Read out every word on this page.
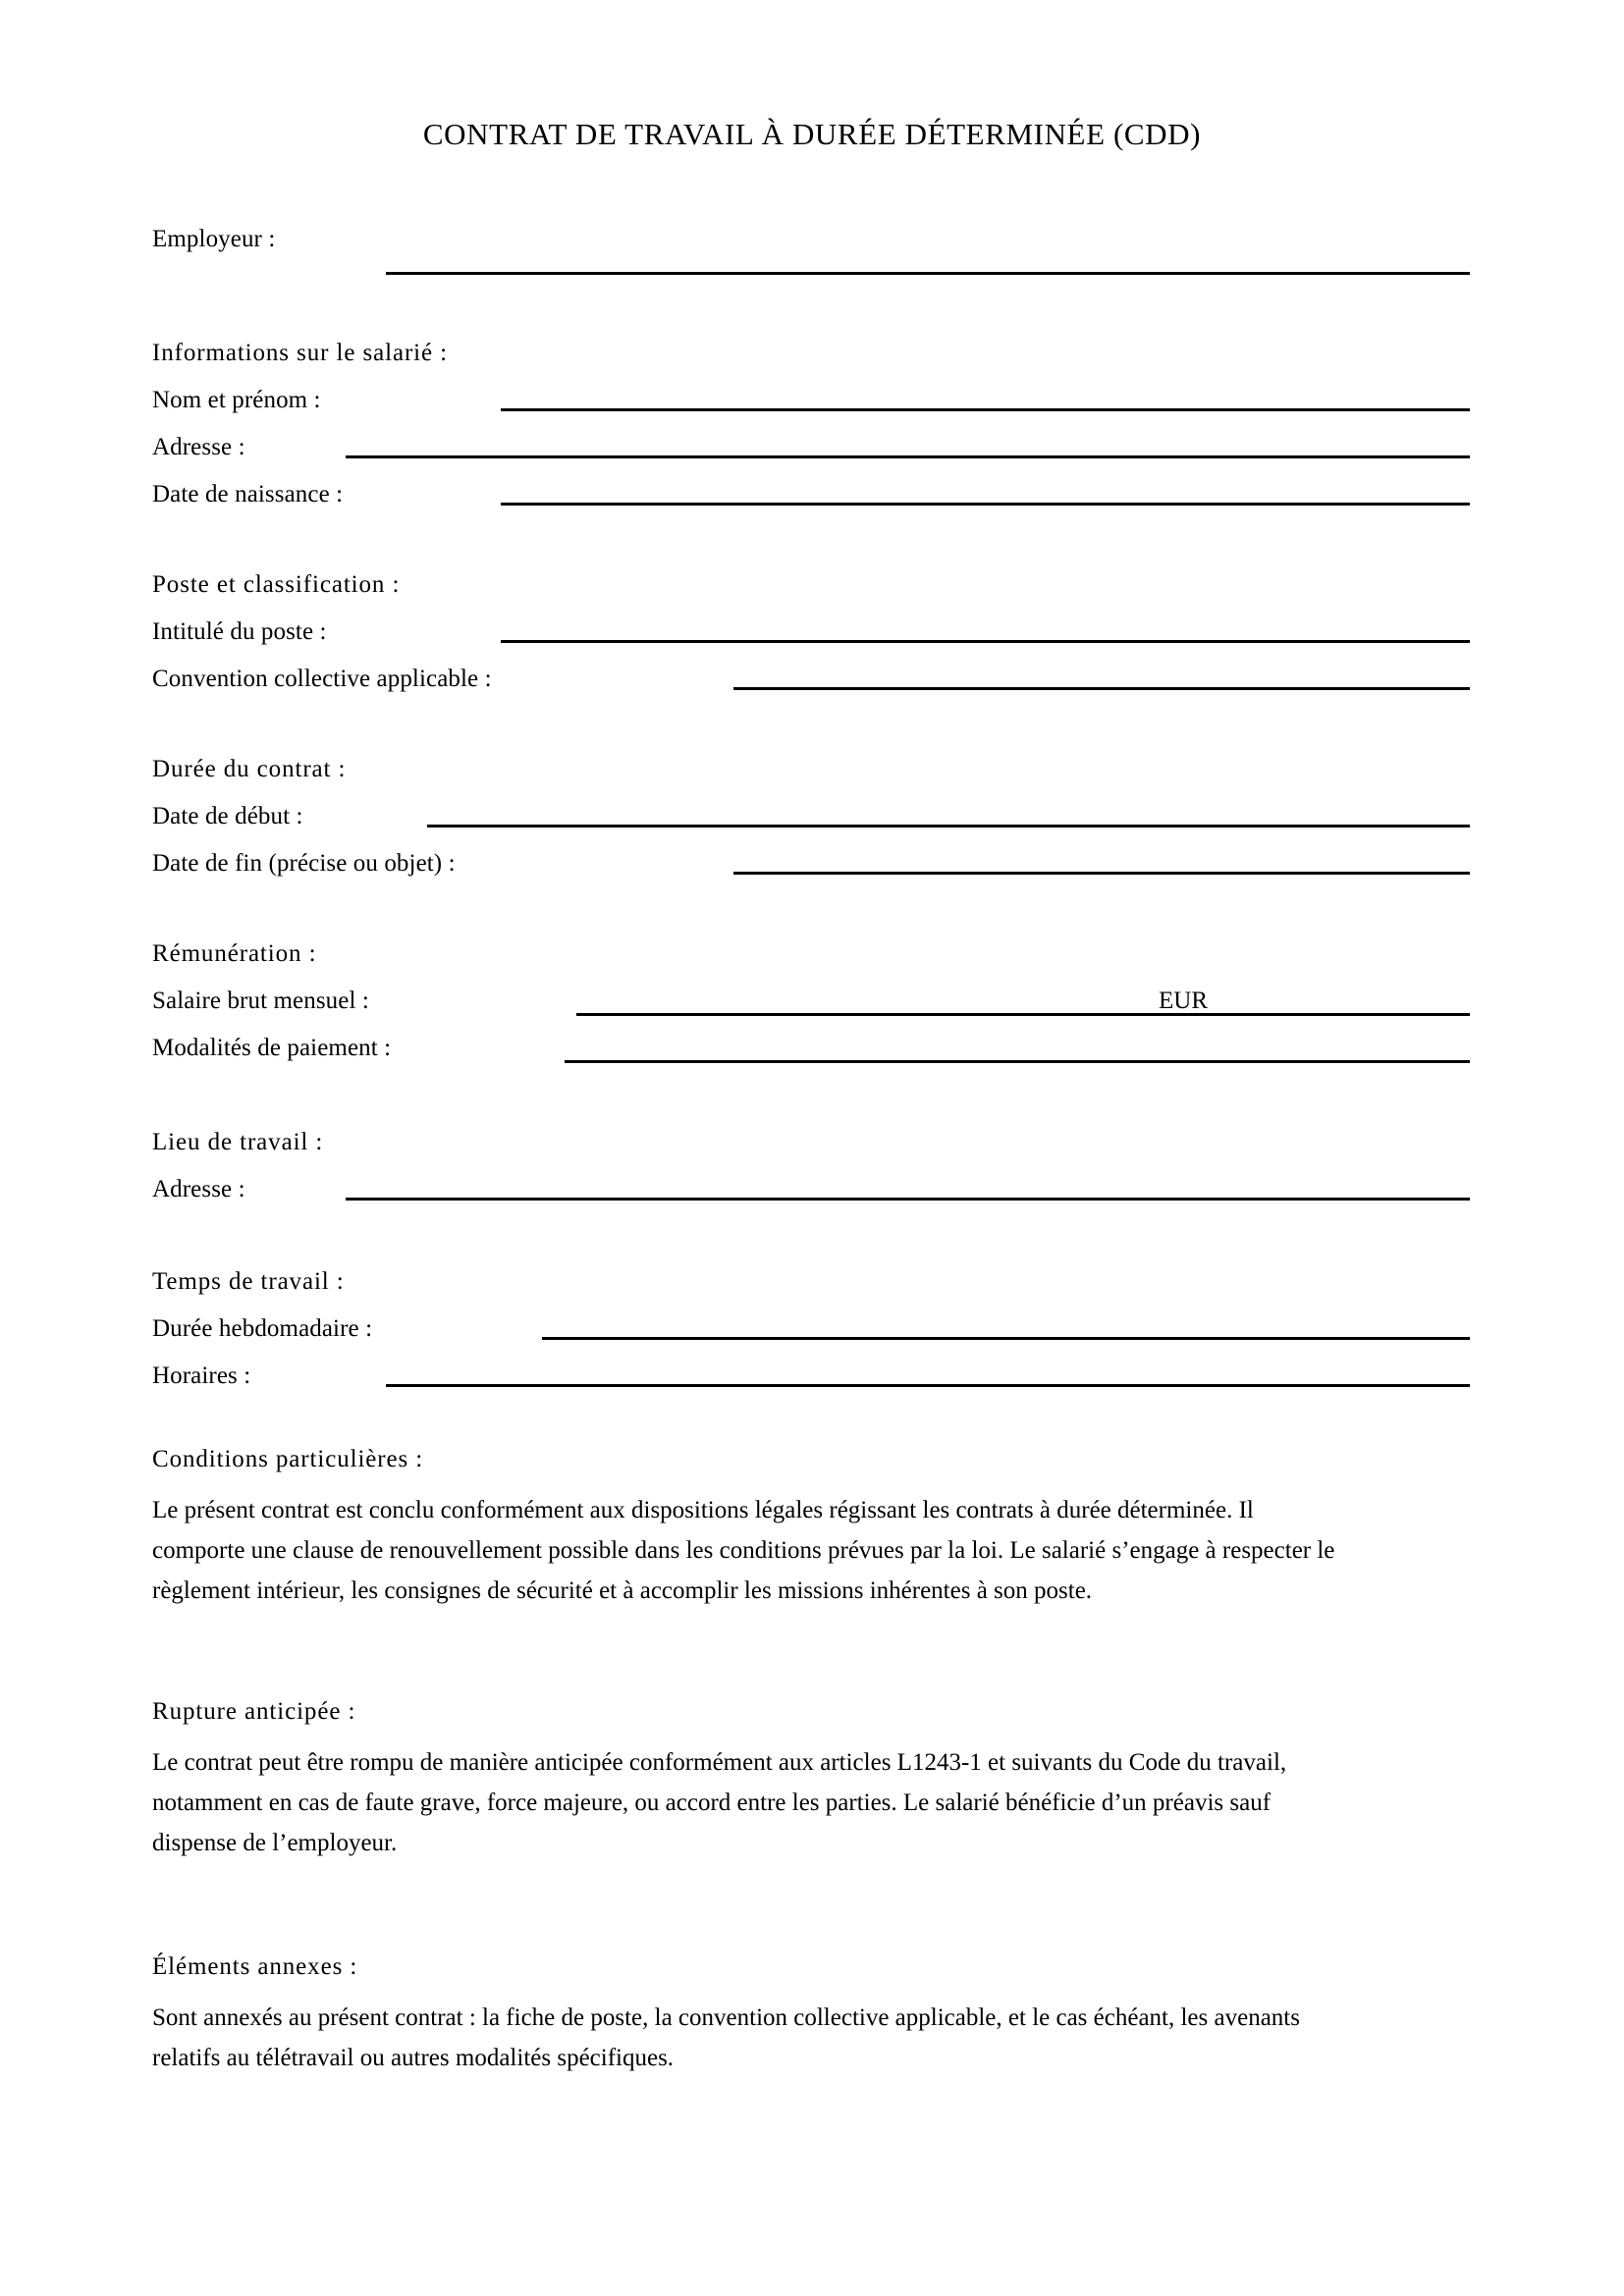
CONTRAT DE TRAVAIL À DURÉE DÉTERMINÉE (CDD)
Employeur :
Informations sur le salarié :
Nom et prénom :
Adresse :
Date de naissance :
Poste et classification :
Intitulé du poste :
Convention collective applicable :
Durée du contrat :
Date de début :
Date de fin (précise ou objet) :
Rémunération :
Salaire brut mensuel :	EUR
Modalités de paiement :
Lieu de travail :
Adresse :
Temps de travail :
Durée hebdomadaire :
Horaires :
Conditions particulières :
Le présent contrat est conclu conformément aux dispositions légales régissant les contrats à durée déterminée. Il
comporte une clause de renouvellement possible dans les conditions prévues par la loi. Le salarié s’engage à respecter le
règlement intérieur, les consignes de sécurité et à accomplir les missions inhérentes à son poste.
Rupture anticipée :
Le contrat peut être rompu de manière anticipée conformément aux articles L1243-1 et suivants du Code du travail,
notamment en cas de faute grave, force majeure, ou accord entre les parties. Le salarié bénéficie d’un préavis sauf
dispense de l’employeur.
Éléments annexes :
Sont annexés au présent contrat : la fiche de poste, la convention collective applicable, et le cas échéant, les avenants
relatifs au télétravail ou autres modalités spécifiques.
